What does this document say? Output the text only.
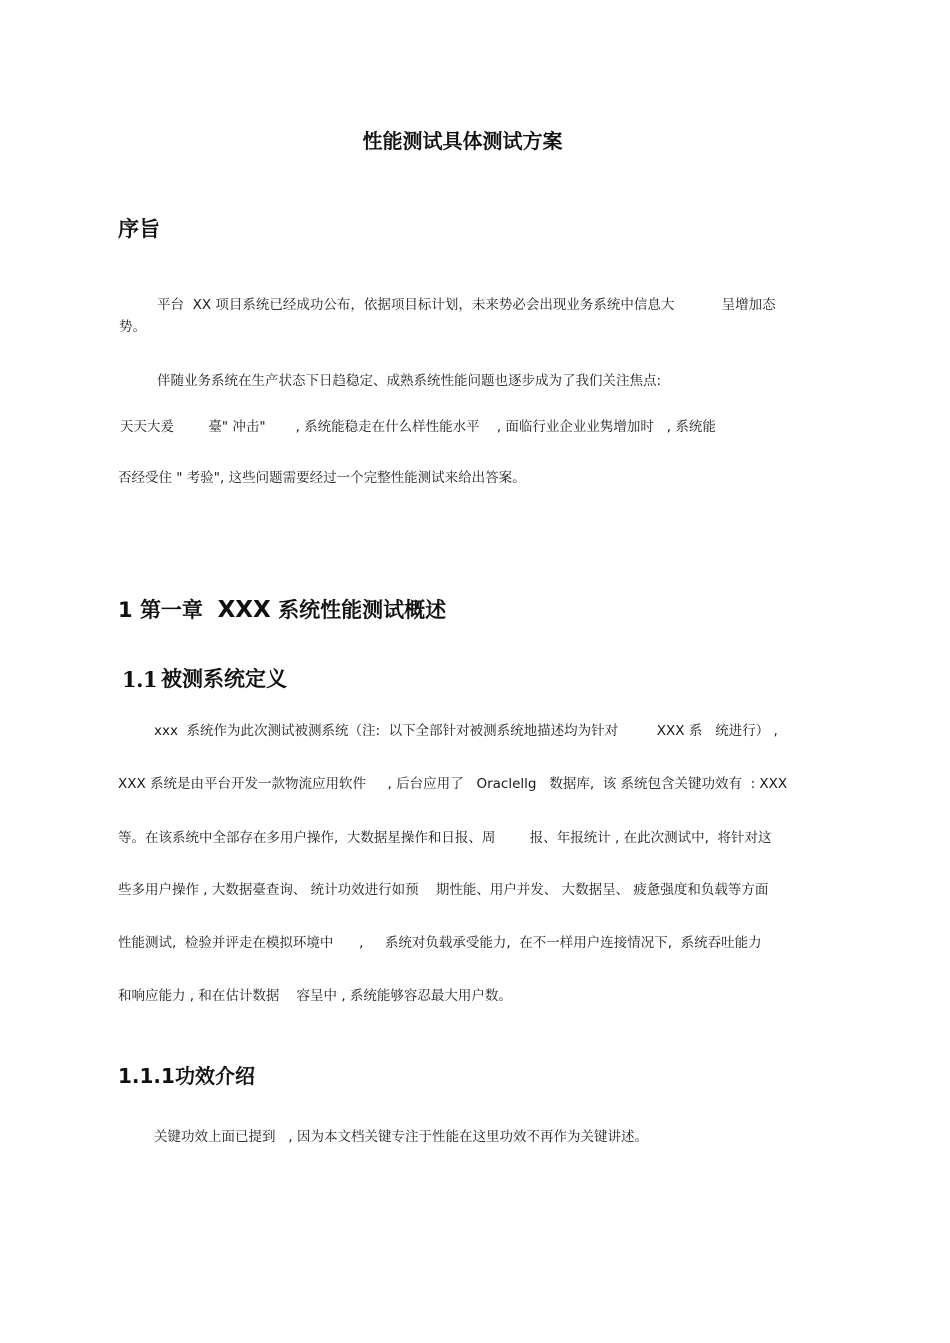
性能测试具体测试方案
序旨

平台  XX 项目系统已经成功公布，依据项目标计划，未来势必会出现业务系统中信息大           呈增加态

势。

伴随业务系统在生产状态下日趋稳定、成熟系统性能问题也逐步成为了我们关注焦点:

天天大爰        臺" 冲击"       , 系统能稳走在什么样性能水平    , 面临行业企业业隽增加时   , 系统能

否经受住 " 考验", 这些问题需要经过一个完整性能测试来给出答案。

1 第一章 XXX 系统性能测试概述
1.1 被测系统定义

xxx  系统作为此次测试被测系统（注:  以下全部针对被测系统地描述均为针对         XXX 系   统进行） ,

XXX 系统是由平台开发一款物流应用软件     , 后台应用了   Oraclellg   数据库,  该 系统包含关键功效有  : XXX

等。在该系统中全部存在多用户操作,  大数据星操作和日报、周        报、年报统计 , 在此次测试中,  将针对这

些多用户操作 , 大数据臺查询、 统计功效进行如预    期性能、用户并发、 大数据呈、 疲惫强度和负载等方面

性能测试,  检验并评走在模拟环境中      ,     系统对负载承受能力,  在不一样用户连接情况下,  系统吞吐能力

和响应能力 , 和在估计数据    容呈中 , 系统能够容忍最大用户数。

1.1.1功效介绍

关键功效上面已提到   , 因为本文档关键专注于性能在这里功效不再作为关键讲述。
